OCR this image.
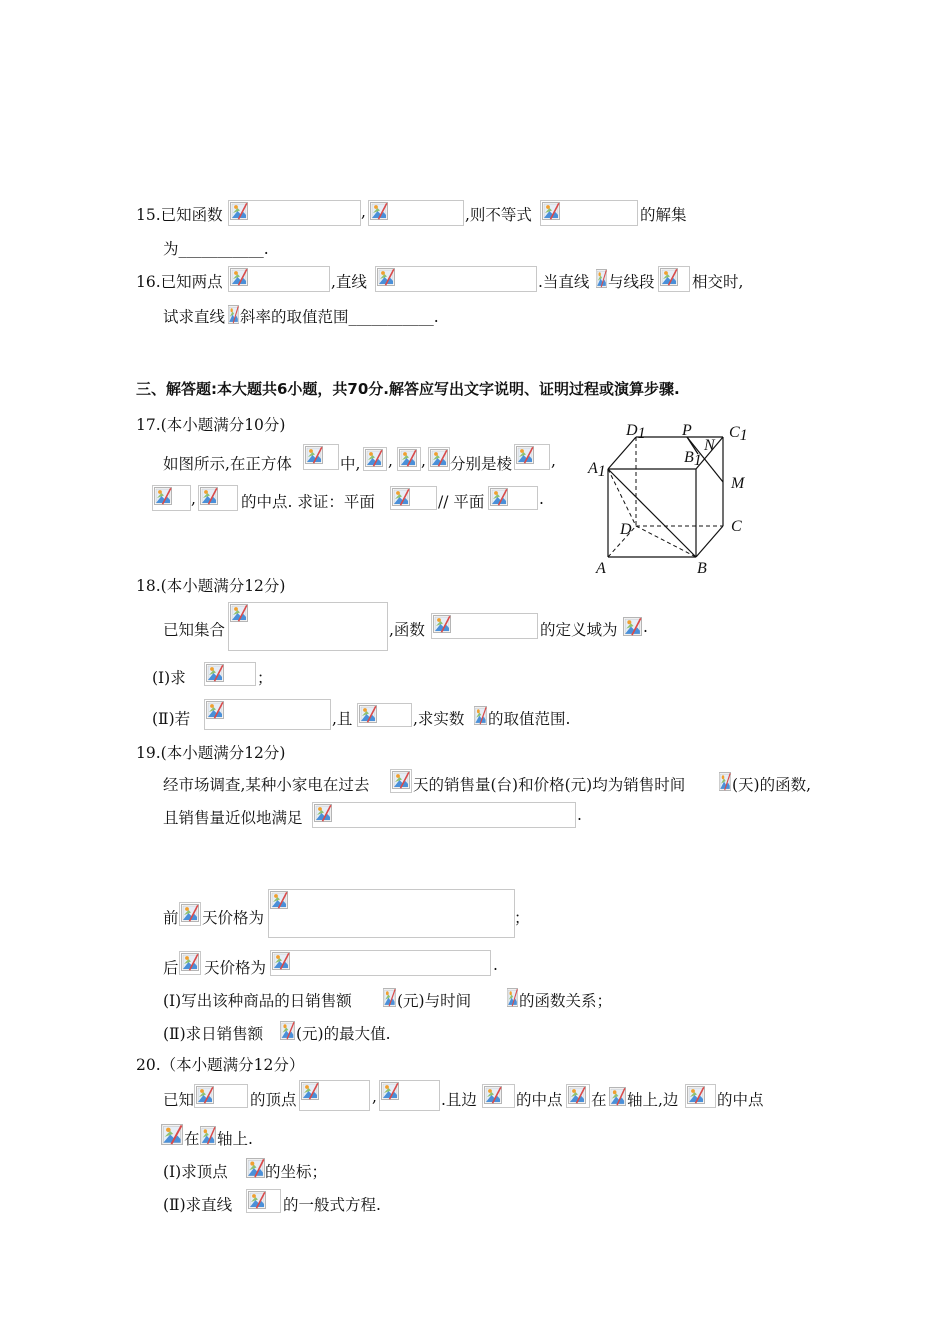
15.已知函数	,	,则不等式	的解集
为___________.
16.已知两点	,直线	.当直线 与线段 相交时,
试求直线 斜率的取值范围___________.
三、解答题:本大题共6小题，共70分.解答应写出文字说明、证明过程或演算步骤.
17.(本小题满分10分)
如图所示,在正方体	中, , , 分别是棱	,
,	的中点. 求证：平面	// 平面	.
D1 P
N
C1
A1
B1
M
D	C
A	B
18.(本小题满分12分)
已知集合	,函数	的定义域为 .
(Ⅰ)求	；
(Ⅱ)若	,且	,求实数 的取值范围.
19.(本小题满分12分)
经市场调查,某种小家电在过去	天的销售量(台)和价格(元)均为销售时间	(天)的函数,
且销售量近似地满足	.
前 天价格为	；
后 天价格为	.
(Ⅰ)写出该种商品的日销售额	(元)与时间	的函数关系；
(Ⅱ)求日销售额 (元)的最大值.
20.（本小题满分12分）
已知	的顶点	,	.且边	的中点 在 轴上,边 的中点
在 轴上.
(Ⅰ)求顶点 的坐标；
(Ⅱ)求直线	的一般式方程.
